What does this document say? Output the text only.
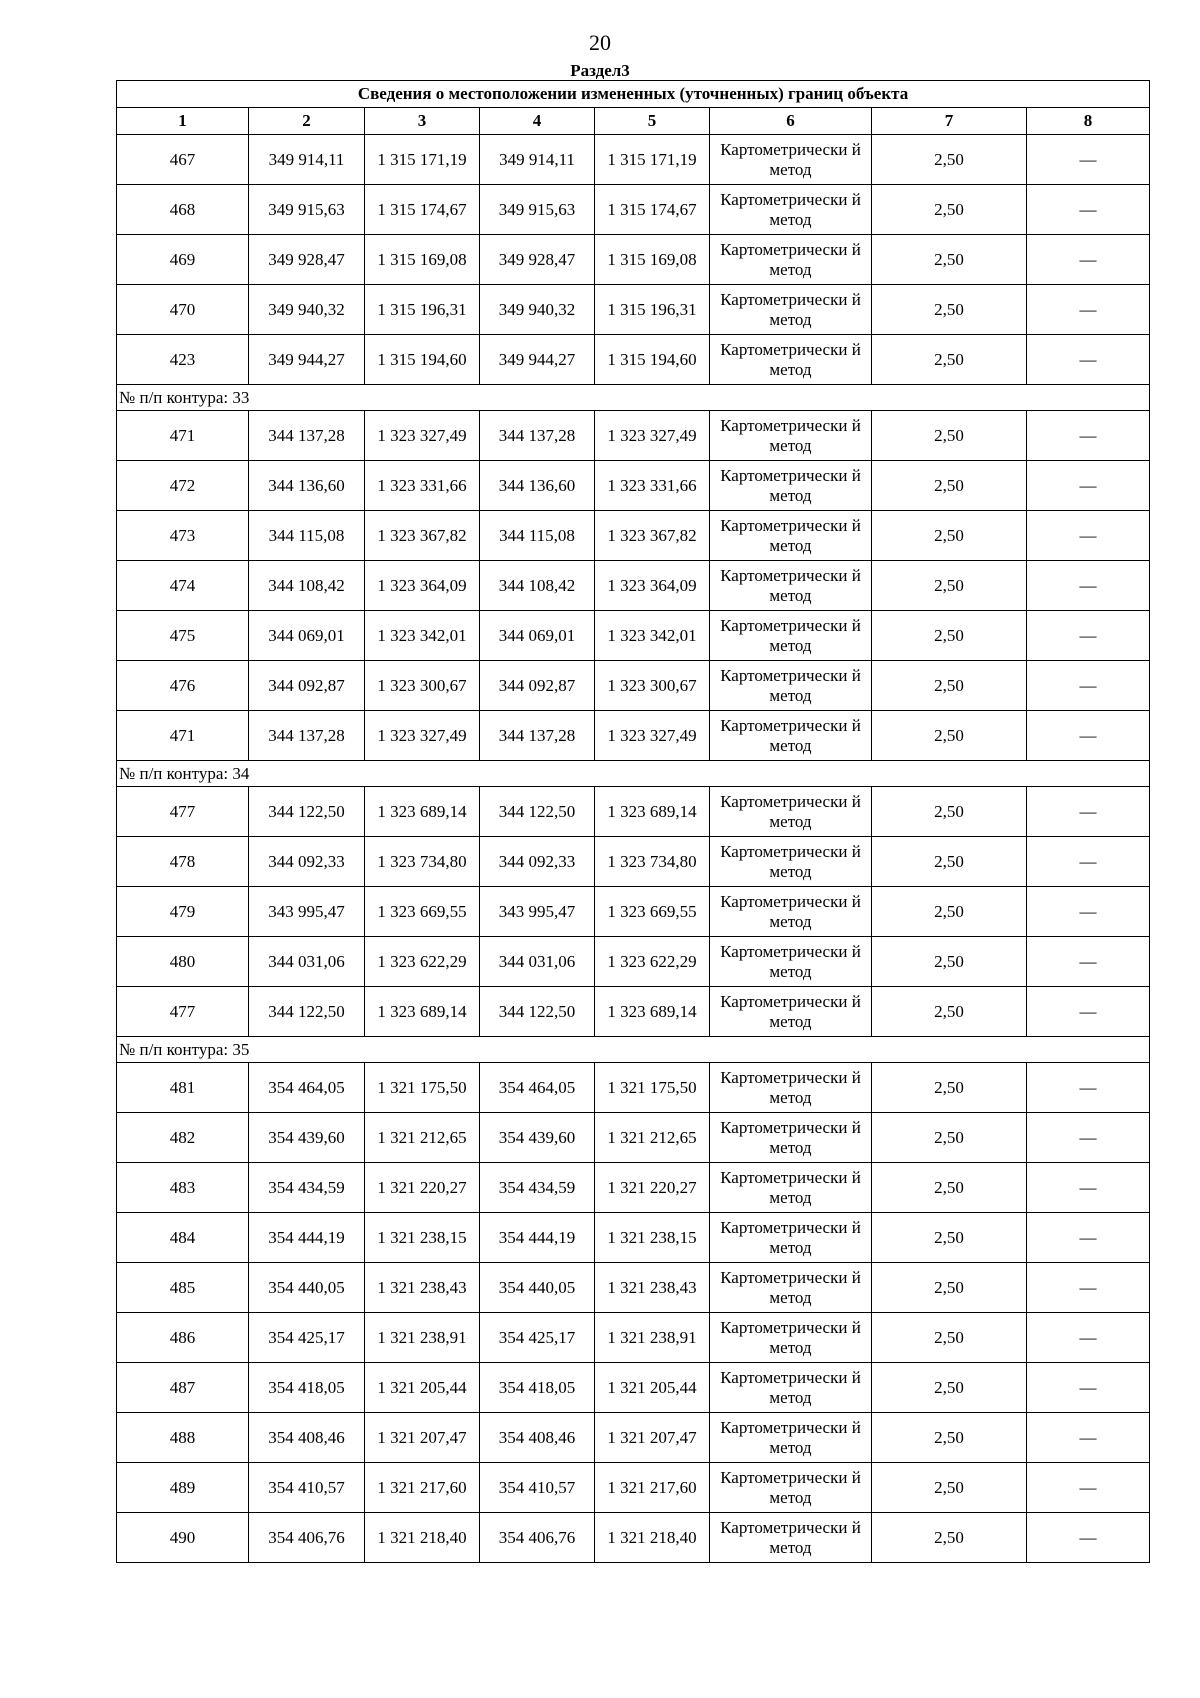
20
Раздел3
Сведения о местоположении измененных (уточненных) границ объекта							
1	2	3	4	5	6	7	8
467	349 914,11	1 315 171,19	349 914,11	1 315 171,19	Картометрически й метод	2,50	—
468	349 915,63	1 315 174,67	349 915,63	1 315 174,67	Картометрически й метод	2,50	—
469	349 928,47	1 315 169,08	349 928,47	1 315 169,08	Картометрически й метод	2,50	—
470	349 940,32	1 315 196,31	349 940,32	1 315 196,31	Картометрически й метод	2,50	—
423	349 944,27	1 315 194,60	349 944,27	1 315 194,60	Картометрически й метод	2,50	—
№ п/п контура: 33							
471	344 137,28	1 323 327,49	344 137,28	1 323 327,49	Картометрически й метод	2,50	—
472	344 136,60	1 323 331,66	344 136,60	1 323 331,66	Картометрически й метод	2,50	—
473	344 115,08	1 323 367,82	344 115,08	1 323 367,82	Картометрически й метод	2,50	—
474	344 108,42	1 323 364,09	344 108,42	1 323 364,09	Картометрически й метод	2,50	—
475	344 069,01	1 323 342,01	344 069,01	1 323 342,01	Картометрически й метод	2,50	—
476	344 092,87	1 323 300,67	344 092,87	1 323 300,67	Картометрически й метод	2,50	—
471	344 137,28	1 323 327,49	344 137,28	1 323 327,49	Картометрически й метод	2,50	—
№ п/п контура: 34							
477	344 122,50	1 323 689,14	344 122,50	1 323 689,14	Картометрически й метод	2,50	—
478	344 092,33	1 323 734,80	344 092,33	1 323 734,80	Картометрически й метод	2,50	—
479	343 995,47	1 323 669,55	343 995,47	1 323 669,55	Картометрически й метод	2,50	—
480	344 031,06	1 323 622,29	344 031,06	1 323 622,29	Картометрически й метод	2,50	—
477	344 122,50	1 323 689,14	344 122,50	1 323 689,14	Картометрически й метод	2,50	—
№ п/п контура: 35							
481	354 464,05	1 321 175,50	354 464,05	1 321 175,50	Картометрически й метод	2,50	—
482	354 439,60	1 321 212,65	354 439,60	1 321 212,65	Картометрически й метод	2,50	—
483	354 434,59	1 321 220,27	354 434,59	1 321 220,27	Картометрически й метод	2,50	—
484	354 444,19	1 321 238,15	354 444,19	1 321 238,15	Картометрически й метод	2,50	—
485	354 440,05	1 321 238,43	354 440,05	1 321 238,43	Картометрически й метод	2,50	—
486	354 425,17	1 321 238,91	354 425,17	1 321 238,91	Картометрически й метод	2,50	—
487	354 418,05	1 321 205,44	354 418,05	1 321 205,44	Картометрически й метод	2,50	—
488	354 408,46	1 321 207,47	354 408,46	1 321 207,47	Картометрически й метод	2,50	—
489	354 410,57	1 321 217,60	354 410,57	1 321 217,60	Картометрически й метод	2,50	—
490	354 406,76	1 321 218,40	354 406,76	1 321 218,40	Картометрически й метод	2,50	—
